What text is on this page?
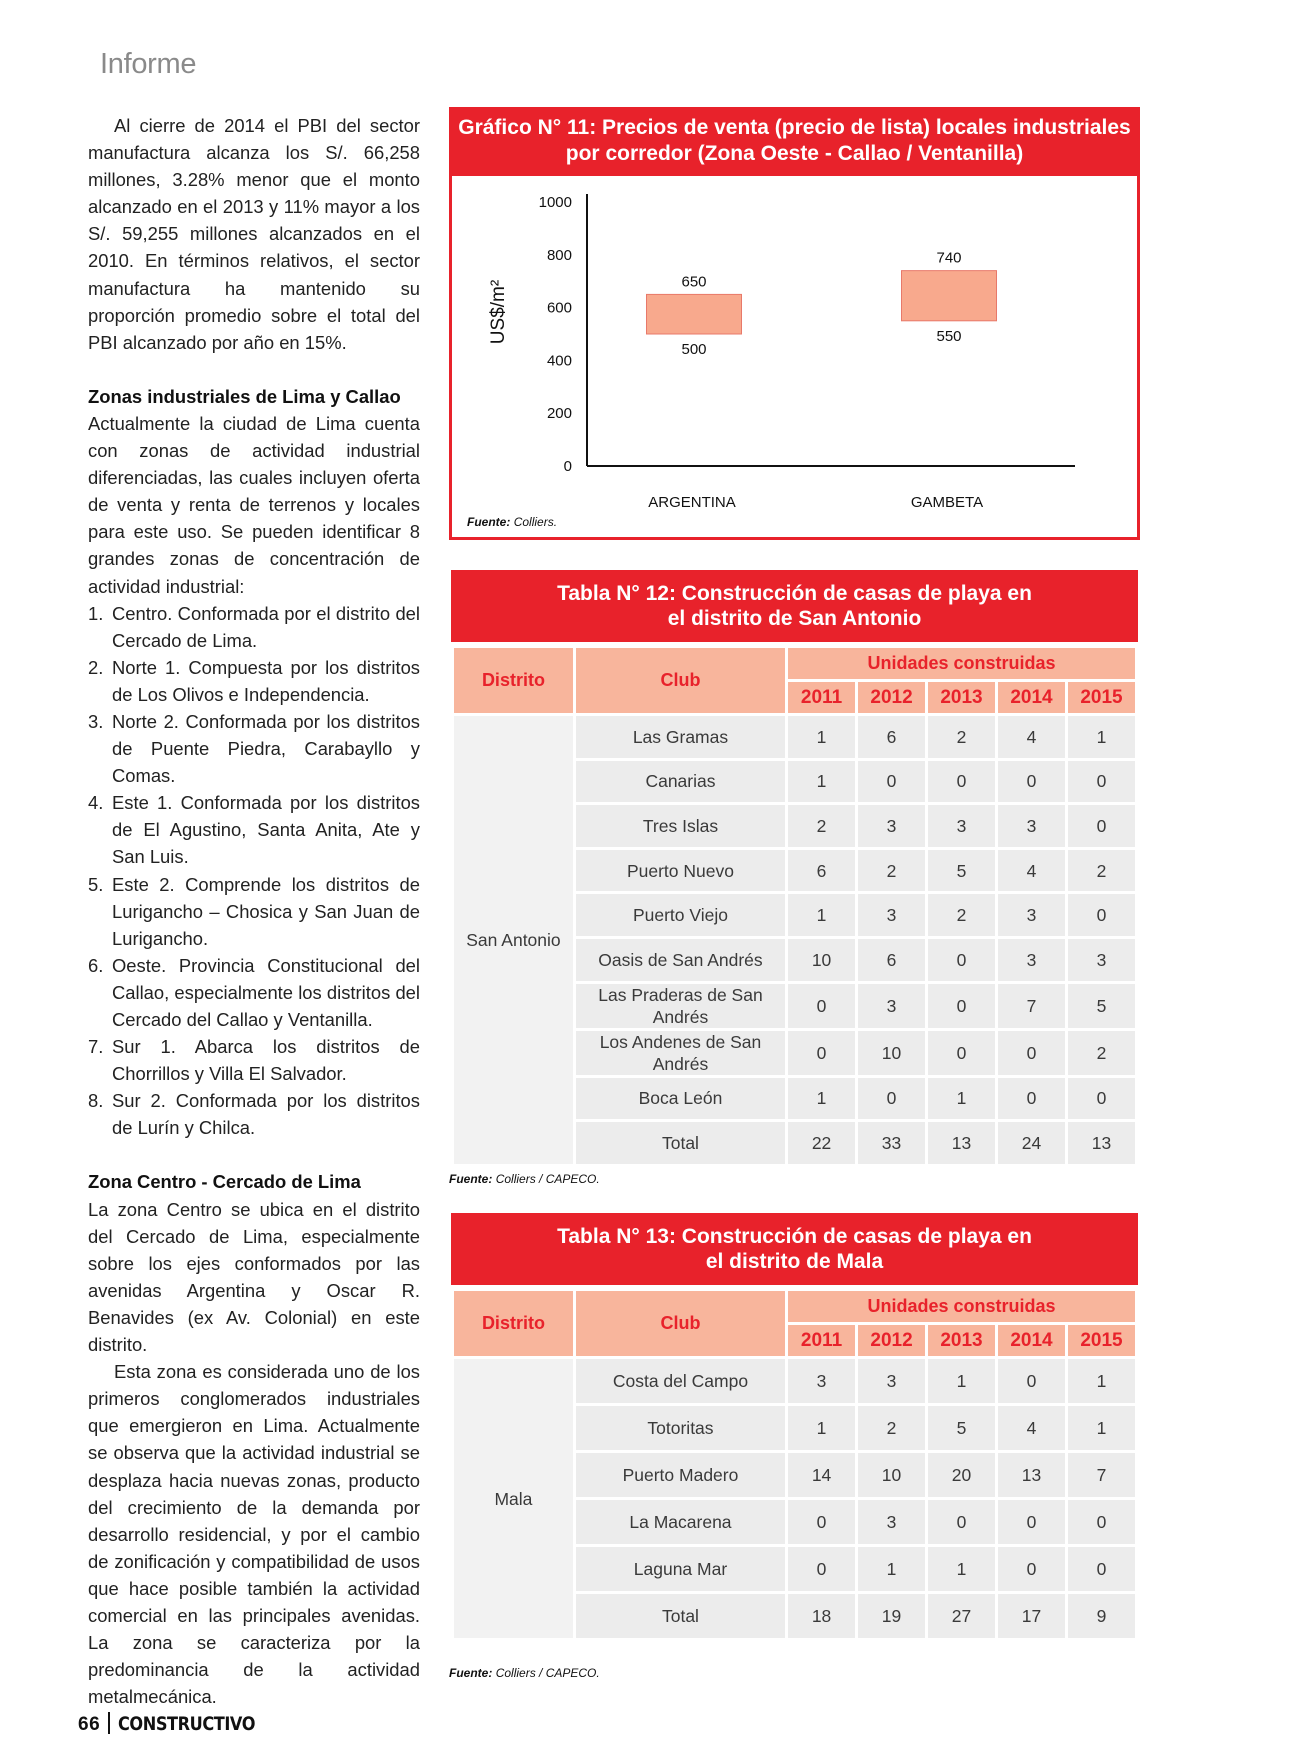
Informe

Al cierre de 2014 el PBI del sector manufactura alcanza los S/. 66,258 millones, 3.28% menor que el monto alcanzado en el 2013 y 11% mayor a los S/. 59,255 millones alcanzados en el 2010. En términos relativos, el sector manufactura ha mantenido su proporción promedio sobre el total del PBI alcanzado por año en 15%.

Zonas industriales de Lima y Callao

Actualmente la ciudad de Lima cuenta con zonas de actividad industrial diferenciadas, las cuales incluyen oferta de venta y renta de terrenos y locales para este uso. Se pueden identificar 8 grandes zonas de concentración de actividad industrial:

1. Centro. Conformada por el distrito del Cercado de Lima.
2. Norte 1. Compuesta por los distritos de Los Olivos e Independencia.
3. Norte 2. Conformada por los distritos de Puente Piedra, Carabayllo y Comas.
4. Este 1. Conformada por los distritos de El Agustino, Santa Anita, Ate y San Luis.
5. Este 2. Comprende los distritos de Lurigancho – Chosica y San Juan de Lurigancho.
6. Oeste. Provincia Constitucional del Callao, especialmente los distritos del Cercado del Callao y Ventanilla.
7. Sur 1. Abarca los distritos de Chorrillos y Villa El Salvador.
8. Sur 2. Conformada por los distritos de Lurín y Chilca.
Zona Centro - Cercado de Lima

La zona Centro se ubica en el distrito del Cercado de Lima, especialmente sobre los ejes conformados por las avenidas Argentina y Oscar R. Benavides (ex Av. Colonial) en este distrito.

Esta zona es considerada uno de los primeros conglomerados industriales que emergieron en Lima. Actualmente se observa que la actividad industrial se desplaza hacia nuevas zonas, producto del crecimiento de la demanda por desarrollo residencial, y por el cambio de zonificación y compatibilidad de usos que hace posible también la actividad comercial en las principales avenidas. La zona se caracteriza por la predominancia de la actividad metalmecánica.

Gráfico N° 11: Precios de venta (precio de lista) locales industriales por corredor (Zona Oeste - Callao / Ventanilla)
0
200
400
600
800
1000
US$/m²	650
500
ARGENTINA
740
550
GAMBETA
Fuente: Colliers.
Tabla N° 12: Construcción de casas de playa en
el distrito de San Antonio
Distrito	Club	Unidades construidas				
		2011	2012	2013	2014	2015
San Antonio	Las Gramas	1	6	2	4	1
	Canarias	1	0	0	0	0
	Tres Islas	2	3	3	3	0
	Puerto Nuevo	6	2	5	4	2
	Puerto Viejo	1	3	2	3	0
	Oasis de San Andrés	10	6	0	3	3
	Las Praderas de San Andrés	0	3	0	7	5
	Los Andenes de San Andrés	0	10	0	0	2
	Boca León	1	0	1	0	0
	Total	22	33	13	24	13
Fuente: Colliers / CAPECO.
Tabla N° 13: Construcción de casas de playa en
el distrito de Mala
Distrito	Club	Unidades construidas				
		2011	2012	2013	2014	2015
Mala	Costa del Campo	3	3	1	0	1
	Totoritas	1	2	5	4	1
	Puerto Madero	14	10	20	13	7
	La Macarena	0	3	0	0	0
	Laguna Mar	0	1	1	0	0
	Total	18	19	27	17	9
Fuente: Colliers / CAPECO.
66 CONSTRUCTIVO
